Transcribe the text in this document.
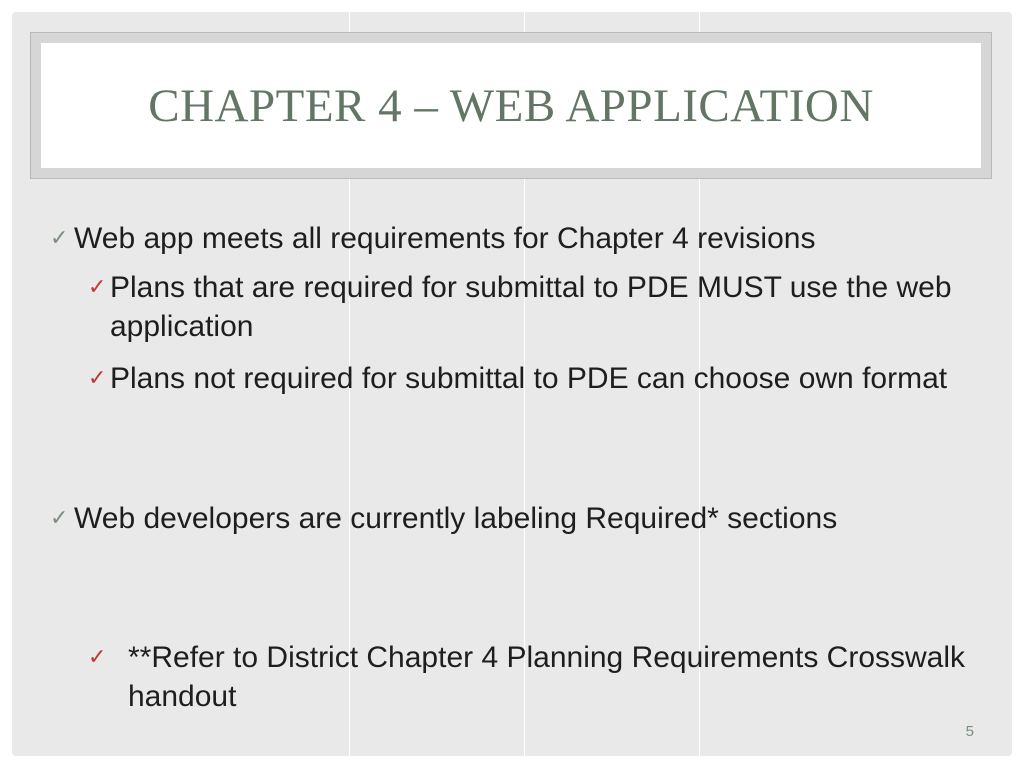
CHAPTER 4 – WEB APPLICATION
✓ Web app meets all requirements for Chapter 4 revisions
✓ Plans that are required for submittal to PDE MUST use the web application
✓ Plans not required for submittal to PDE can choose own format
✓ Web developers are currently labeling Required* sections
✓ **Refer to District Chapter 4 Planning Requirements Crosswalk handout
5
